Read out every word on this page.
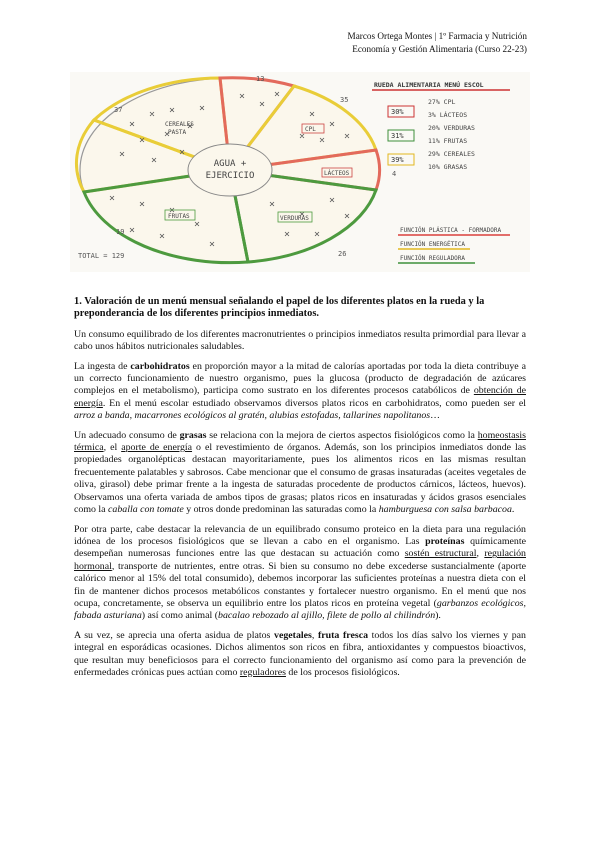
Marcos Ortega Montes | 1º Farmacia y Nutrición
Economía y Gestión Alimentaria (Curso 22-23)
AGUA +
EJERCICIO
CEREALES
PASTA	CPL
LÁCTEOS
FRUTAS	VERDURAS
37
13
35
4
26
19
TOTAL = 129
RUEDA ALIMENTARIA MENÚ ESCOL
30%
31%
39%
27% CPL
3% LÁCTEOS
20% VERDURAS
11% FRUTAS
29% CEREALES
10% GRASAS
FUNCIÓN PLÁSTICA - FORMADORA
FUNCIÓN ENERGÉTICA
FUNCIÓN REGULADORA
1. Valoración de un menú mensual señalando el papel de los diferentes platos en la rueda y la preponderancia de los diferentes principios inmediatos.

Un consumo equilibrado de los diferentes macronutrientes o principios inmediatos resulta primordial para llevar a cabo unos hábitos nutricionales saludables.

La ingesta de carbohidratos en proporción mayor a la mitad de calorías aportadas por toda la dieta contribuye a un correcto funcionamiento de nuestro organismo, pues la glucosa (producto de degradación de azúcares complejos en el metabolismo), participa como sustrato en los diferentes procesos catabólicos de obtención de energía. En el menú escolar estudiado observamos diversos platos ricos en carbohidratos, como pueden ser el arroz a banda, macarrones ecológicos al gratén, alubias estofadas, tallarines napolitanos…

Un adecuado consumo de grasas se relaciona con la mejora de ciertos aspectos fisiológicos como la homeostasis térmica, el aporte de energía o el revestimiento de órganos. Además, son los principios inmediatos donde las propiedades organolépticas destacan mayoritariamente, pues los alimentos ricos en las mismas resultan frecuentemente palatables y sabrosos. Cabe mencionar que el consumo de grasas insaturadas (aceites vegetales de oliva, girasol) debe primar frente a la ingesta de saturadas procedente de productos cárnicos, lácteos, huevos). Observamos una oferta variada de ambos tipos de grasas; platos ricos en insaturadas y ácidos grasos esenciales como la caballa con tomate y otros donde predominan las saturadas como la hamburguesa con salsa barbacoa.

Por otra parte, cabe destacar la relevancia de un equilibrado consumo proteico en la dieta para una regulación idónea de los procesos fisiológicos que se llevan a cabo en el organismo. Las proteínas químicamente desempeñan numerosas funciones entre las que destacan su actuación como sostén estructural, regulación hormonal, transporte de nutrientes, entre otras. Si bien su consumo no debe excederse sustancialmente (aporte calórico menor al 15% del total consumido), debemos incorporar las suficientes proteínas a nuestra dieta con el fin de mantener dichos procesos metabólicos constantes y fortalecer nuestro organismo. En el menú que nos ocupa, concretamente, se observa un equilibrio entre los platos ricos en proteína vegetal (garbanzos ecológicos, fabada asturiana) así como animal (bacalao rebozado al ajillo, filete de pollo al chilindrón).

A su vez, se aprecia una oferta asidua de platos vegetales, fruta fresca todos los días salvo los viernes y pan integral en esporádicas ocasiones. Dichos alimentos son ricos en fibra, antioxidantes y compuestos bioactivos, que resultan muy beneficiosos para el correcto funcionamiento del organismo así como para la prevención de enfermedades crónicas pues actúan como reguladores de los procesos fisiológicos.
